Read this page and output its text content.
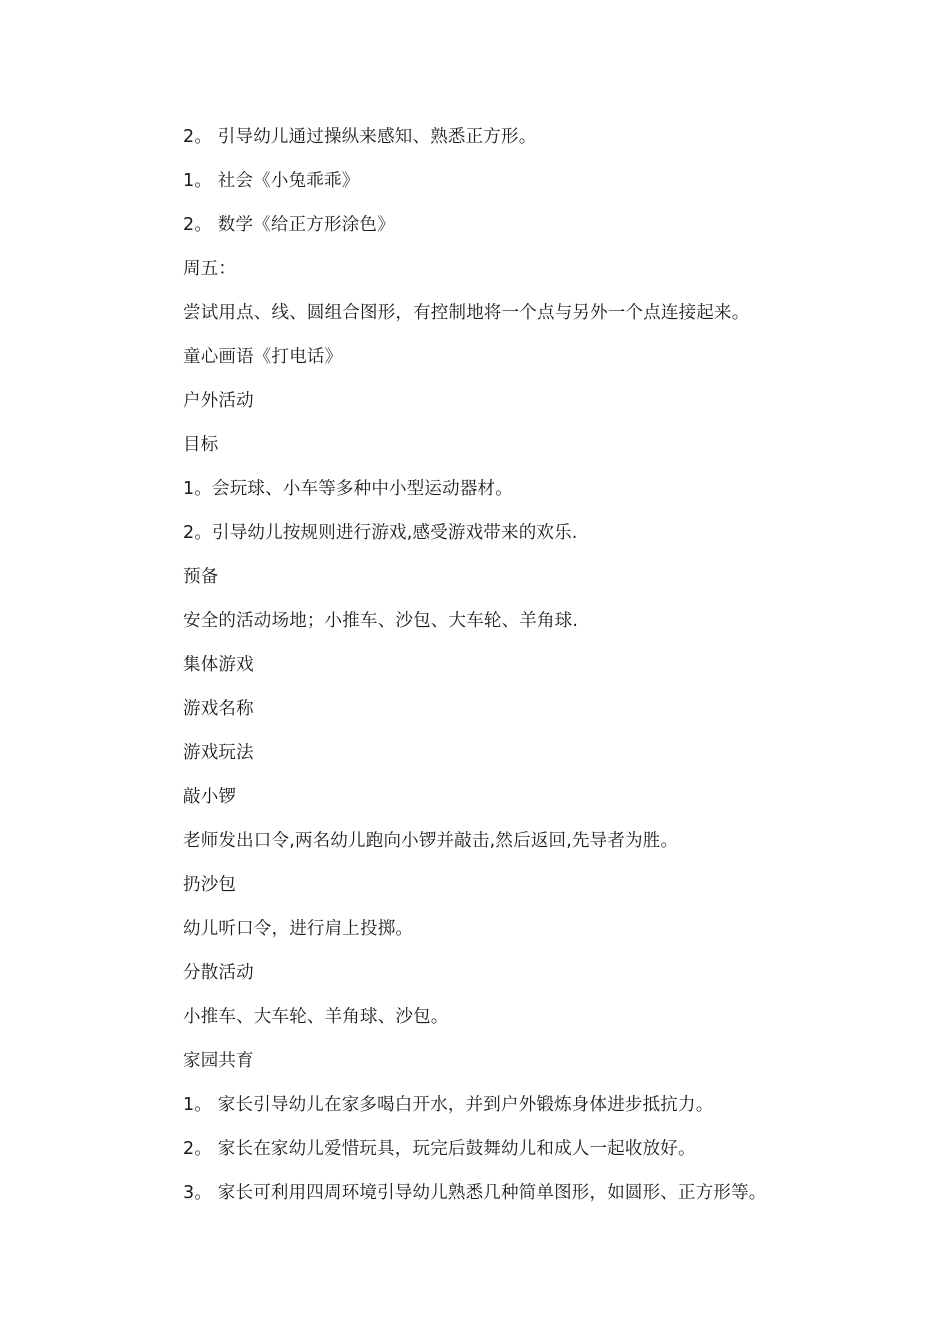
2。 引导幼儿通过操纵来感知、熟悉正方形。
1。 社会《小兔乖乖》
2。 数学《给正方形涂色》
周五：
尝试用点、线、圆组合图形，有控制地将一个点与另外一个点连接起来。
童心画语《打电话》
户外活动
目标
1。会玩球、小车等多种中小型运动器材。
2。引导幼儿按规则进行游戏,感受游戏带来的欢乐.
预备
安全的活动场地；小推车、沙包、大车轮、羊角球.
集体游戏
游戏名称
游戏玩法
敲小锣
老师发出口令,两名幼儿跑向小锣并敲击,然后返回,先导者为胜。
扔沙包
幼儿听口令，进行肩上投掷。
分散活动
小推车、大车轮、羊角球、沙包。
家园共育
1。 家长引导幼儿在家多喝白开水，并到户外锻炼身体进步抵抗力。
2。 家长在家幼儿爱惜玩具，玩完后鼓舞幼儿和成人一起收放好。
3。 家长可利用四周环境引导幼儿熟悉几种简单图形，如圆形、正方形等。
